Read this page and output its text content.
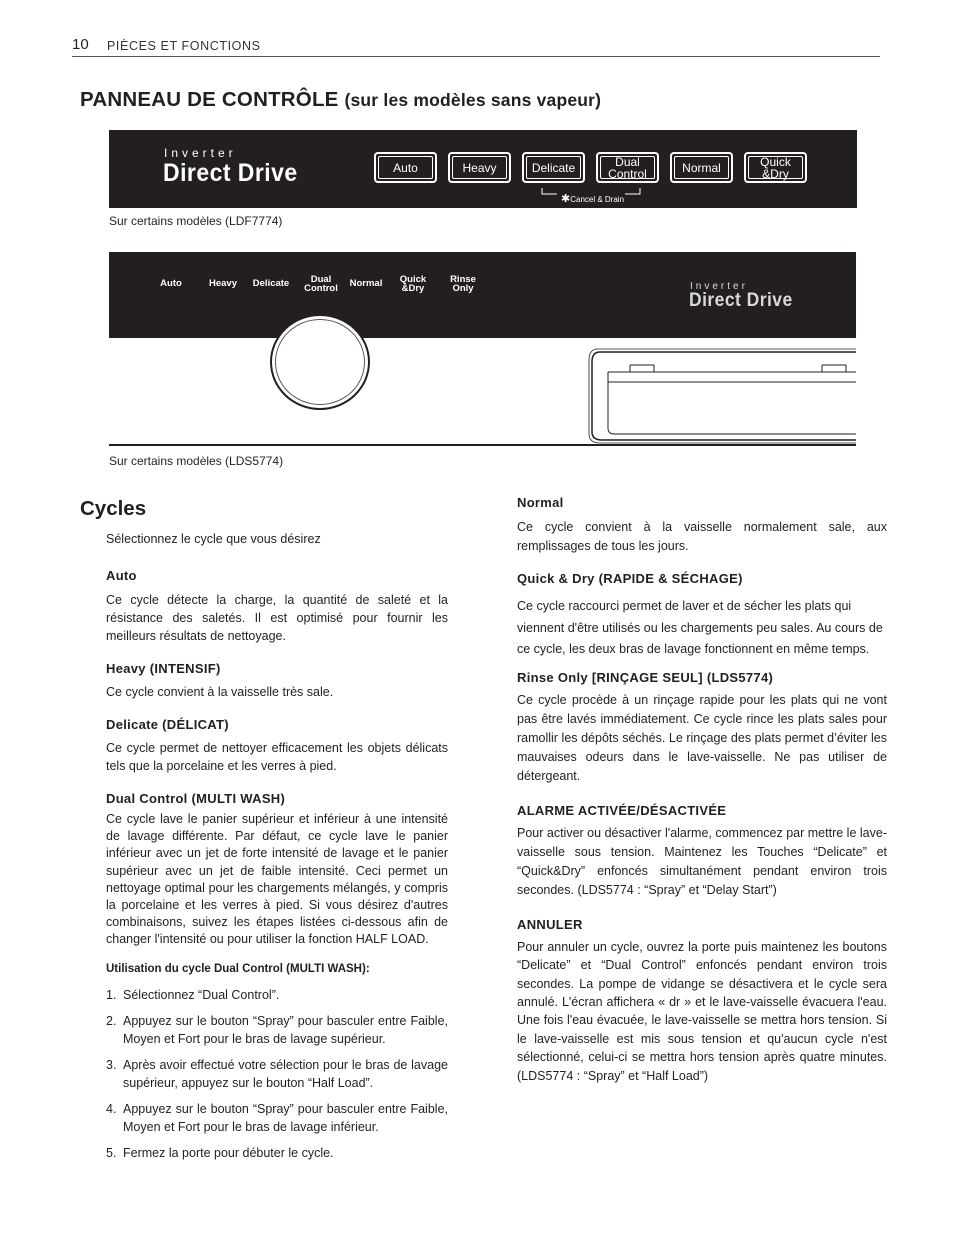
10 PIÈCES ET FONCTIONS
PANNEAU DE CONTRÔLE (sur les modèles sans vapeur)
Inverter
Direct Drive	Auto	Heavy	Delicate	Dual
Control	Normal	Quick
&Dry
✱Cancel & Drain
Sur certains modèles (LDF7774)
Auto	Heavy	Delicate	Dual
Control	Normal	Quick
&Dry
Rinse
Only	Inverter
Direct Drive
Sur certains modèles (LDS5774)
Cycles

Sélectionnez le cycle que vous désirez

Auto

Ce cycle détecte la charge, la quantité de saleté et la résistance des saletés. Il est optimisé pour fournir les meilleurs résultats de nettoyage.

Heavy (INTENSIF)

Ce cycle convient à la vaisselle très sale.

Delicate (DÉLICAT)

Ce cycle permet de nettoyer efficacement les objets délicats tels que la porcelaine et les verres à pied.

Dual Control (MULTI WASH)

Ce cycle lave le panier supérieur et inférieur à une intensité de lavage différente. Par défaut, ce cycle lave le panier inférieur avec un jet de forte intensité de lavage et le panier supérieur avec un jet de faible intensité. Ceci permet un nettoyage optimal pour les chargements mélangés, y compris la porcelaine et les verres à pied. Si vous désirez d'autres combinaisons, suivez les étapes listées ci-dessous afin de changer l'intensité ou pour utiliser la fonction HALF LOAD.

Utilisation du cycle Dual Control (MULTI WASH):

1. Sélectionnez “Dual Control”.
2. Appuyez sur le bouton “Spray” pour basculer entre Faible, Moyen et Fort pour le bras de lavage supérieur.
3. Après avoir effectué votre sélection pour le bras de lavage supérieur, appuyez sur le bouton “Half Load”.
4. Appuyez sur le bouton “Spray” pour basculer entre Faible, Moyen et Fort pour le bras de lavage inférieur.
5. Fermez la porte pour débuter le cycle.

Normal

Ce cycle convient à la vaisselle normalement sale, aux remplissages de tous les jours.

Quick & Dry (RAPIDE & SÉCHAGE)

Ce cycle raccourci permet de laver et de sécher les plats qui viennent d'être utilisés ou les chargements peu sales. Au cours de ce cycle, les deux bras de lavage fonctionnent en même temps.

Rinse Only [RINÇAGE SEUL] (LDS5774)

Ce cycle procède à un rinçage rapide pour les plats qui ne vont pas être lavés immédiatement. Ce cycle rince les plats sales pour ramollir les dépôts séchés. Le rinçage des plats permet d’éviter les mauvaises odeurs dans le lave-vaisselle. Ne pas utiliser de détergeant.

ALARME ACTIVÉE/DÉSACTIVÉE

Pour activer ou désactiver l'alarme, commencez par mettre le lave-vaisselle sous tension. Maintenez les Touches “Delicate” et “Quick&Dry” enfoncés simultanément pendant environ trois secondes. (LDS5774 : “Spray” et “Delay Start”)

ANNULER

Pour annuler un cycle, ouvrez la porte puis maintenez les boutons “Delicate” et “Dual Control” enfoncés pendant environ trois secondes. La pompe de vidange se désactivera et le cycle sera annulé. L'écran affichera « dr » et le lave-vaisselle évacuera l'eau. Une fois l'eau évacuée, le lave-vaisselle se mettra hors tension. Si le lave-vaisselle est mis sous tension et qu'aucun cycle n'est sélectionné, celui-ci se mettra hors tension après quatre minutes. (LDS5774 : “Spray” et “Half Load”)
